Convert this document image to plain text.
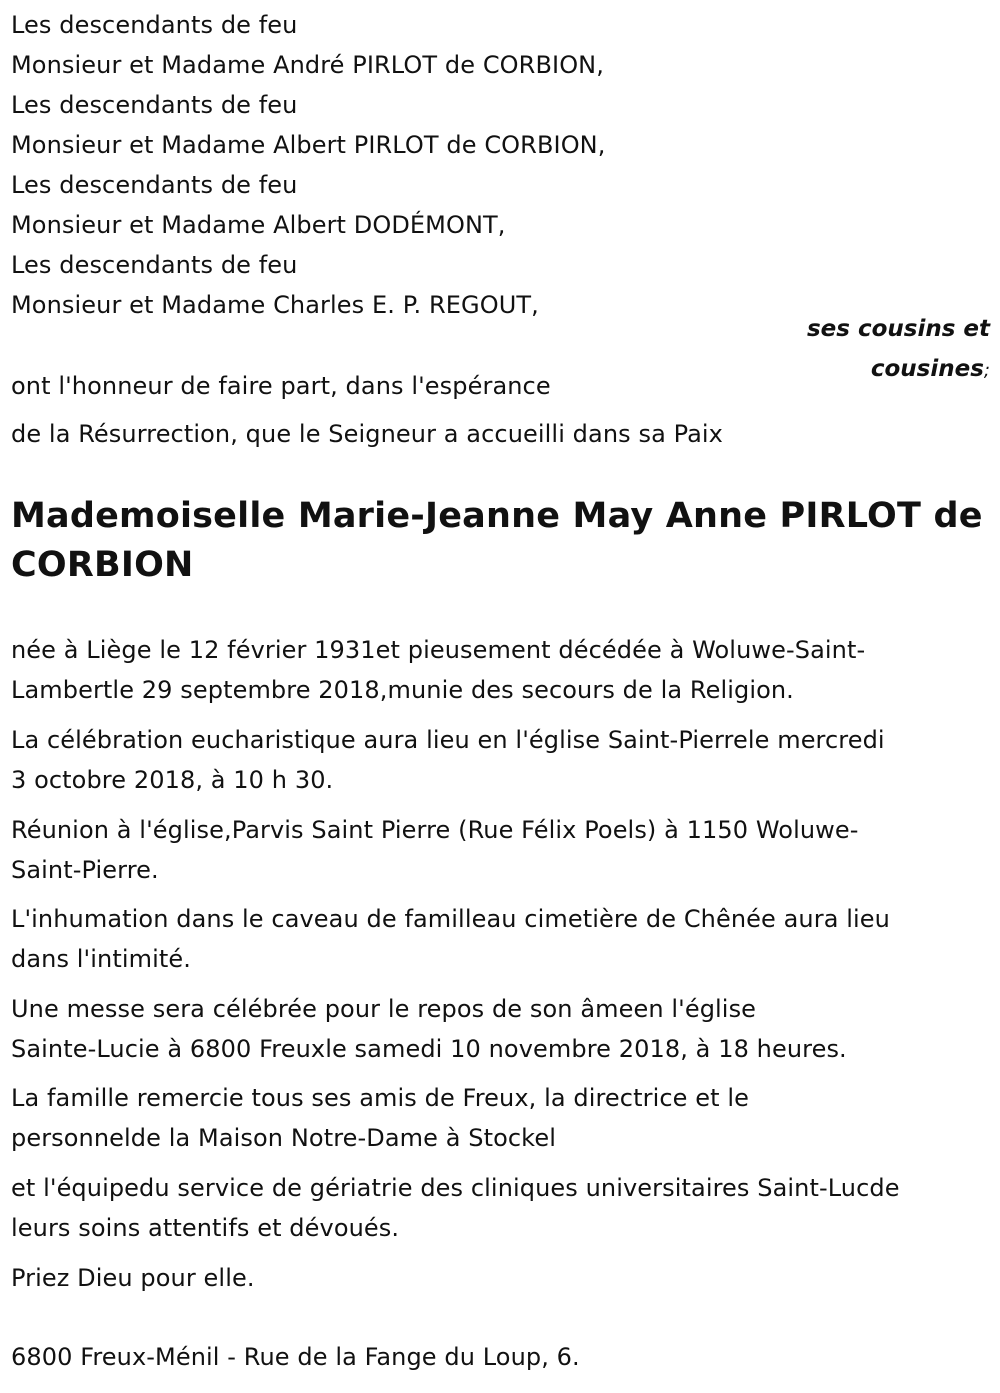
Les descendants de feu
Monsieur et Madame André PIRLOT de CORBION,
Les descendants de feu
Monsieur et Madame Albert PIRLOT de CORBION,
Les descendants de feu
Monsieur et Madame Albert DODÉMONT,
Les descendants de feu
Monsieur et Madame Charles E. P. REGOUT,
ses cousins et
cousines;
ont l'honneur de faire part, dans l'espérance
de la Résurrection, que le Seigneur a accueilli dans sa Paix
Mademoiselle Marie-Jeanne May Anne PIRLOT de
CORBION
née à Liège le 12 février 1931et pieusement décédée à Woluwe-Saint-
Lambertle 29 septembre 2018,munie des secours de la Religion.
La célébration eucharistique aura lieu en l'église Saint-Pierrele mercredi
3 octobre 2018, à 10 h 30.
Réunion à l'église,Parvis Saint Pierre (Rue Félix Poels) à 1150 Woluwe-
Saint-Pierre.
L'inhumation dans le caveau de familleau cimetière de Chênée aura lieu
dans l'intimité.
Une messe sera célébrée pour le repos de son âmeen l'église
Sainte-Lucie à 6800 Freuxle samedi 10 novembre 2018, à 18 heures.
La famille remercie tous ses amis de Freux, la directrice et le
personnelde la Maison Notre-Dame à Stockel
et l'équipedu service de gériatrie des cliniques universitaires Saint-Lucde
leurs soins attentifs et dévoués.
Priez Dieu pour elle.
6800 Freux-Ménil - Rue de la Fange du Loup, 6.
